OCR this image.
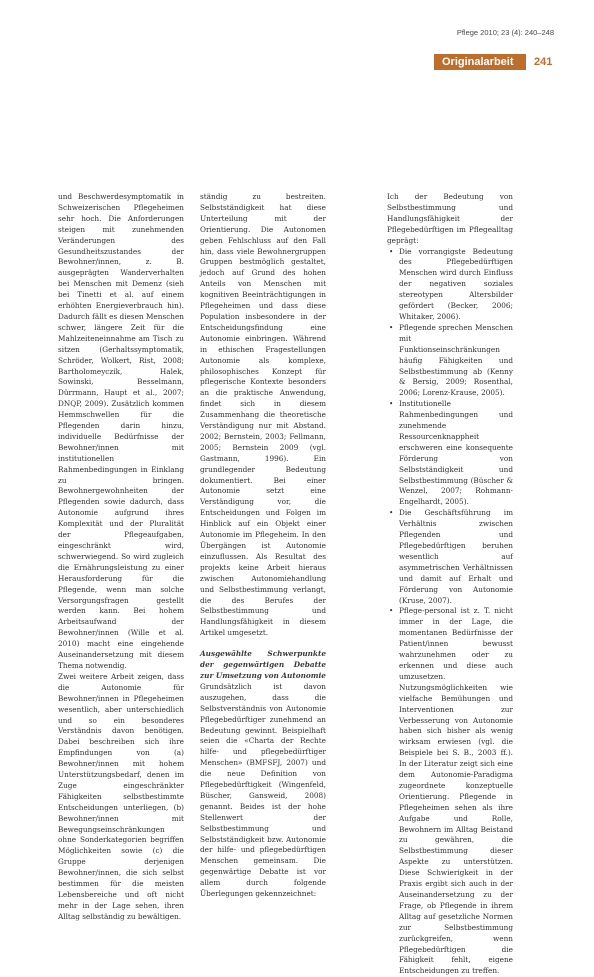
Pflege 2010; 23 (4): 240–248
Originalarbeit 241

und Beschwerdesymptomatik in Schweizerischen Pflegeheimen sehr hoch. Die Anforderungen steigen mit zunehmenden Veränderungen des Gesundheitszustandes der Bewohner/innen, z. B. ausgeprägten Wanderverhalten bei Menschen mit Demenz (sieh bei Tinetti et al. auf einem erhöhten Energieverbrauch hin). Dadurch fällt es diesen Menschen schwer, längere Zeit für die Mahlzeiteneinnahme am Tisch zu sitzen (Gerhaltssymptomatik, Schröder, Wolkert, Rist, 2008; Bartholomeyczik, Halek, Sowinski, Besselmann, Dürrmann, Haupt et al., 2007; DNQP, 2009). Zusätzlich kommen Hemmschwellen für die Pflegenden darin hinzu, individuelle Bedürfnisse der Bewohner/innen mit institutionellen Rahmenbedingungen in Einklang zu bringen. Bewohnergewohnheiten der Pflegenden sowie dadurch, dass Autonomie aufgrund ihres Komplexität und der Pluralität der Pflegeaufgaben, eingeschränkt wird, schwerwiegend. So wird zugleich die Ernährungsleistung zu einer Herausforderung für die Pflegende, wenn man solche Versorgungsfragen gestellt werden kann. Bei hohem Arbeitsaufwand der Bewohner/innen (Wille et al. 2010) macht eine eingehende Auseinandersetzung mit diesem Thema notwendig.

Zwei weitere Arbeit zeigen, dass die Autonomie für Bewohner/innen in Pflegeheimen wesentlich, aber unterschiedlich und so ein besonderes Verständnis davon benötigen. Dabei beschreiben sich ihre Empfindungen von (a) Bewohner/innen mit hohem Unterstützungsbedarf, denen im Zuge eingeschränkter Fähigkeiten selbstbestimmte Entscheidungen unterliegen, (b) Bewohner/innen mit Bewegungseinschränkungen ohne Sonderkategorien begriffen Möglichkeiten sowie (c) die Gruppe derjenigen Bewohner/innen, die sich selbst bestimmen für die meisten Lebensbereiche und oft nicht mehr in der Lage sehen, ihren Alltag selbständig zu bewältigen.

ständig zu bestreiten. Selbstständigkeit hat diese Unterteilung mit der Orientierung. Die Autonomen geben Fehlschluss auf den Fall hin, dass viele Bewohnergruppen Gruppen bestmöglich gestaltet, jedoch auf Grund des hohen Anteils von Menschen mit kognitiven Beeinträchtigungen in Pflegeheimen und dass diese Population insbesondere in der Entscheidungsfindung eine Autonomie einbringen. Während in ethischen Fragestellungen Autonomie als komplexe, philosophisches Konzept für pflegerische Kontexte besonders an die praktische Anwendung, findet sich in diesem Zusammenhang die theoretische Verständigung nur mit Abstand. 2002; Bernstein, 2003; Fellmann, 2005; Bernstein 2009 (vgl. Gastmann, 1996). Ein grundlegender Bedeutung dokumentiert. Bei einer Autonomie setzt eine Verständigung vor, die Entscheidungen und Folgen im Hinblick auf ein Objekt einer Autonomie im Pflegeheim. In den Übergängen ist Autonomie einzuflussen. Als Resultat des projekts keine Arbeit hieraus zwischen Autonomiehandlung und Selbstbestimmung verlangt, die des Berufes der Selbstbestimmung und Handlungsfähigkeit in diesem Artikel umgesetzt.

Ausgewählte Schwerpunkte der gegenwärtigen Debatte zur Umsetzung von Autonomie

Grundsätzlich ist davon auszugehen, dass die Selbstverständnis von Autonomie Pflegebedürftiger zunehmend an Bedeutung gewinnt. Beispielhaft seien die «Charta der Rechte hilfe- und pflegebedürftiger Menschen» (BMFSFJ, 2007) und die neue Definition von Pflegebedürftigkeit (Wingenfeld, Büscher, Gansweid, 2008) genannt. Beides ist der hohe Stellenwert der Selbstbestimmung und Selbstständigkeit bzw. Autonomie der hilfe- und pflegebedürftigen Menschen gemeinsam. Die gegenwärtige Debatte ist vor allem durch folgende Überlegungen gekennzeichnet:

Ich der Bedeutung von Selbstbestimmung und Handlungsfähigkeit der Pflegebedürftigen im Pflegealltag geprägt:

• Die vorrangigste Bedeutung des Pflegebedürftigen Menschen wird durch Einfluss der negativen soziales stereotypen Altersbilder gefördert (Becker, 2006; Whitaker, 2006).
• Pflegende sprechen Menschen mit Funktionseinschränkungen häufig Fähigkeiten und Selbstbestimmung ab (Kenny & Bersig, 2009; Rosenthal, 2006; Lorenz-Krause, 2005).
• Institutionelle Rahmenbedingungen und zunehmende Ressourcenknappheit erschweren eine konsequente Förderung von Selbstständigkeit und Selbstbestimmung (Büscher & Wenzel, 2007; Rohmann-Engelhardt, 2005).
• Die Geschäftsführung im Verhältnis zwischen Pflegenden und Pflegebedürftigen beruhen wesentlich auf asymmetrischen Verhältnissen und damit auf Erhalt und Förderung von Autonomie (Kruse, 2007).
• Pflege-personal ist z. T. nicht immer in der Lage, die momentanen Bedürfnisse der Patient/innen bewusst wahrzunehmen oder zu erkennen und diese auch umzusetzen. Nutzungsmöglichkeiten wie vielfache Bemühungen und Interventionen zur Verbesserung von Autonomie haben sich bisher als wenig wirksam erwiesen (vgl. die Beispiele bei S. B., 2003 ff.). In der Literatur zeigt sich eine dem Autonomie-Paradigma zugeordnete konzeptuelle Orientierung. Pflegende in Pflegeheimen sehen als ihre Aufgabe und Rolle, Bewohnern im Alltag Beistand zu gewähren, die Selbstbestimmung dieser Aspekte zu unterstützen. Diese Schwierigkeit in der Praxis ergibt sich auch in der Auseinandersetzung zu der Frage, ob Pflegende in ihrem Alltag auf gesetzliche Normen zur Selbstbestimmung zurückgreifen, wenn Pflegebedürftigen die Fähigkeit fehlt, eigene Entscheidungen zu treffen.
